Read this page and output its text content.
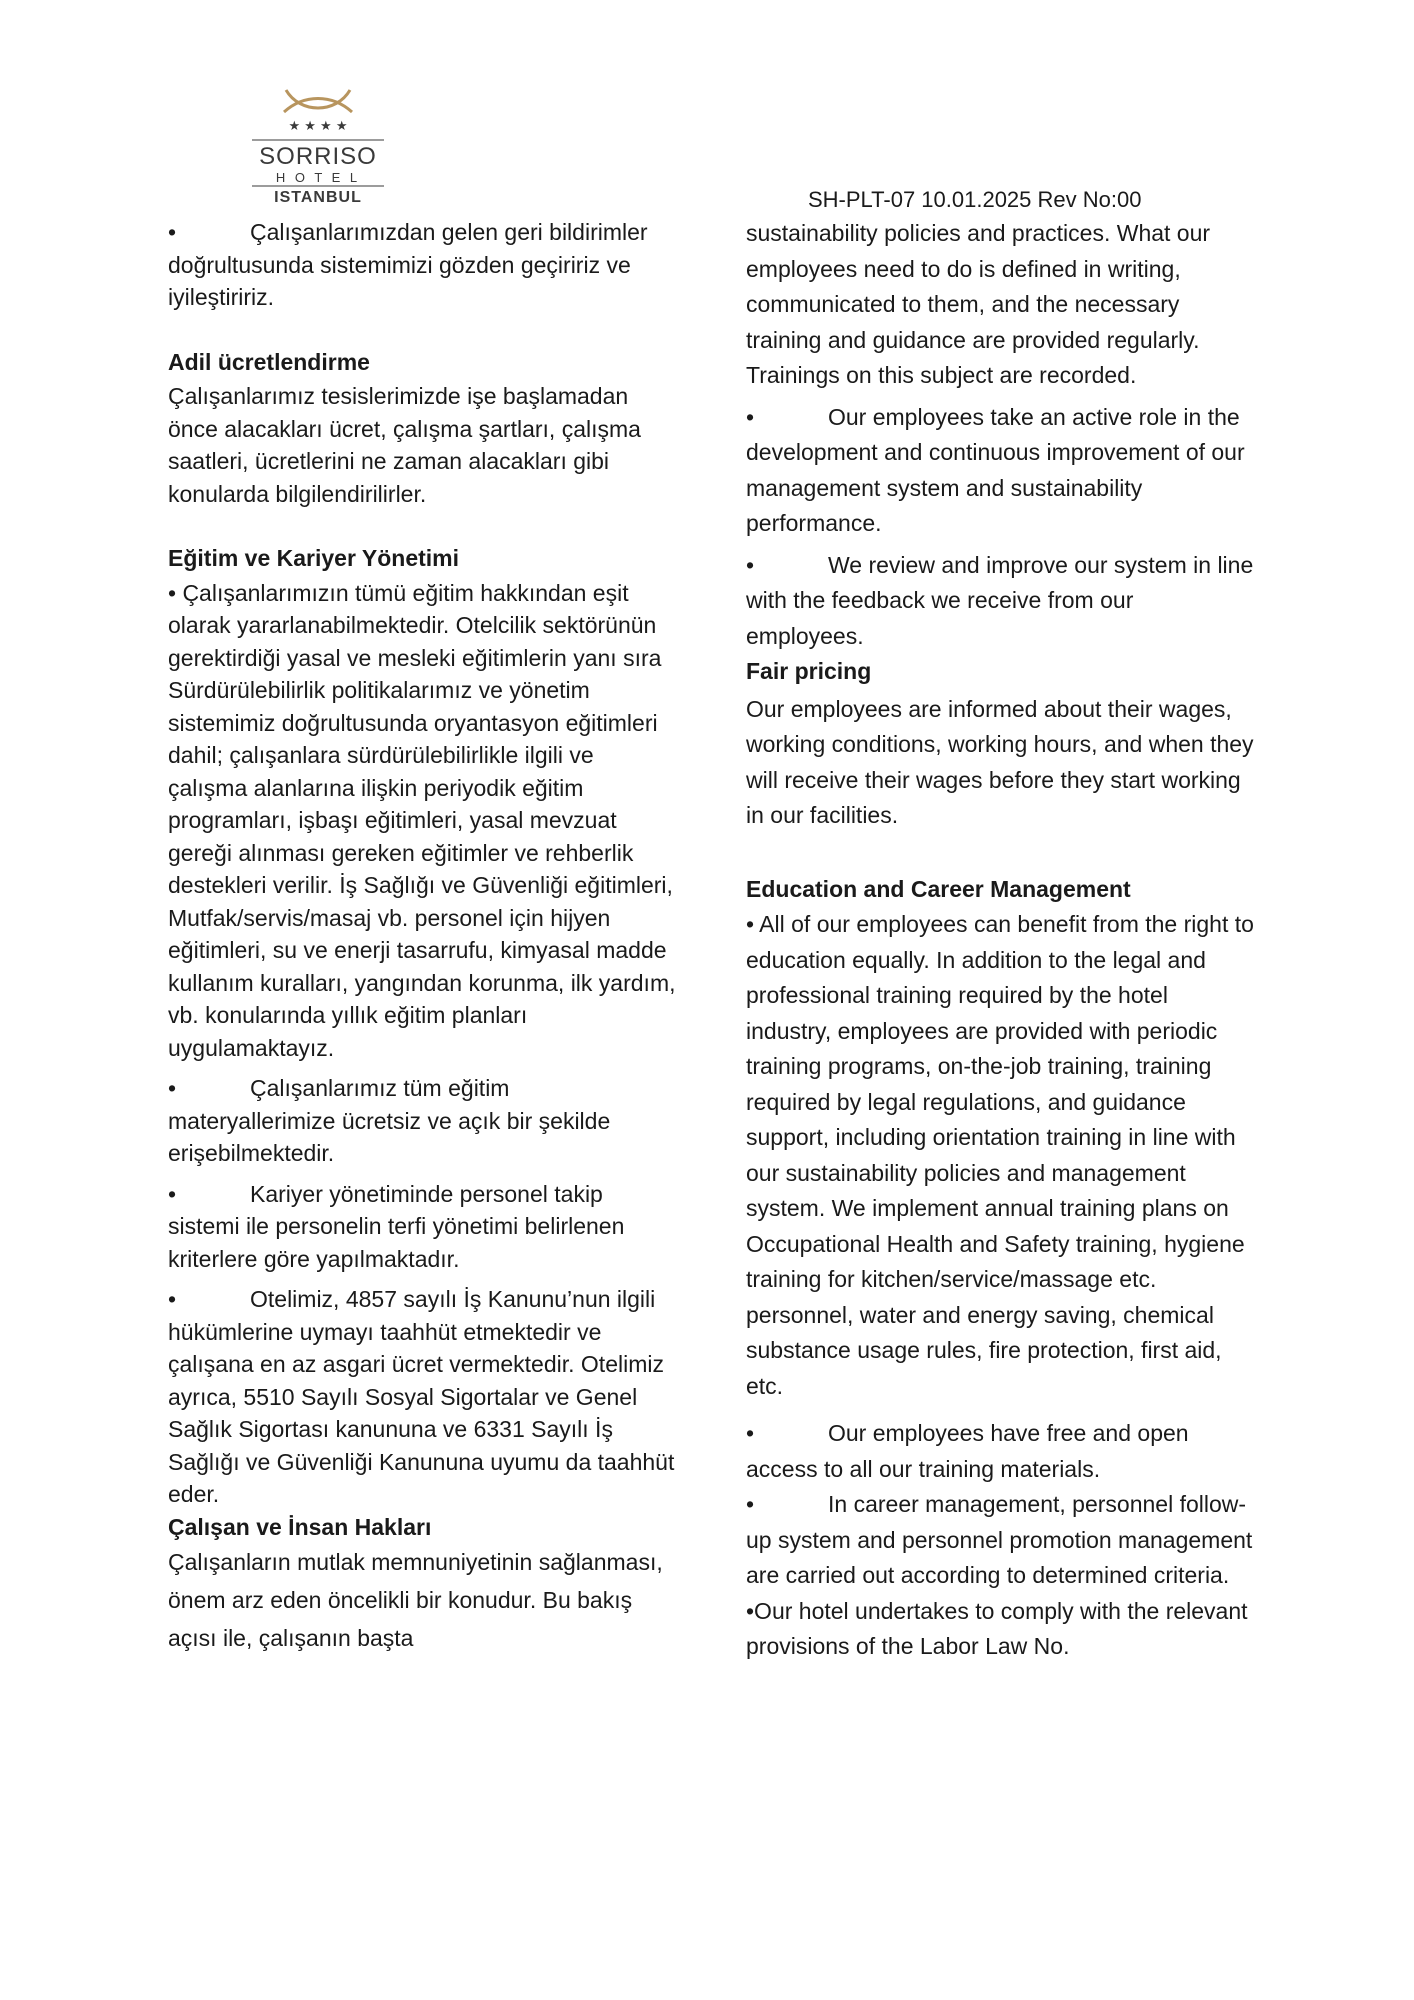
★ ★ ★ ★
SORRISO
H O T E L
ISTANBUL	SH-PLT-07 10.01.2025 Rev No:00

•	Çalışanlarımızdan gelen geri bildirimler doğrultusunda sistemimizi gözden geçiririz ve iyileştiririz.

Adil ücretlendirme

Çalışanlarımız tesislerimizde işe başlamadan önce alacakları ücret, çalışma şartları, çalışma saatleri, ücretlerini ne zaman alacakları gibi konularda bilgilendirilirler.

Eğitim ve Kariyer Yönetimi

• Çalışanlarımızın tümü eğitim hakkından eşit olarak yararlanabilmektedir. Otelcilik sektörünün gerektirdiği yasal ve mesleki eğitimlerin yanı sıra Sürdürülebilirlik politikalarımız ve yönetim sistemimiz doğrultusunda oryantasyon eğitimleri dahil; çalışanlara sürdürülebilirlikle ilgili ve çalışma alanlarına ilişkin periyodik eğitim programları, işbaşı eğitimleri, yasal mevzuat gereği alınması gereken eğitimler ve rehberlik destekleri verilir. İş Sağlığı ve Güvenliği eğitimleri, Mutfak/servis/masaj vb. personel için hijyen eğitimleri, su ve enerji tasarrufu, kimyasal madde kullanım kuralları, yangından korunma, ilk yardım, vb. konularında yıllık eğitim planları uygulamaktayız.

•	Çalışanlarımız tüm eğitim materyallerimize ücretsiz ve açık bir şekilde erişebilmektedir.

•	Kariyer yönetiminde personel takip sistemi ile personelin terfi yönetimi belirlenen kriterlere göre yapılmaktadır.

•	Otelimiz, 4857 sayılı İş Kanunu’nun ilgili hükümlerine uymayı taahhüt etmektedir ve çalışana en az asgari ücret vermektedir. Otelimiz ayrıca, 5510 Sayılı Sosyal Sigortalar ve Genel Sağlık Sigortası kanununa ve 6331 Sayılı İş Sağlığı ve Güvenliği Kanununa uyumu da taahhüt eder.

Çalışan ve İnsan Hakları

Çalışanların mutlak memnuniyetinin sağlanması, önem arz eden öncelikli bir konudur. Bu bakış açısı ile, çalışanın başta

sustainability policies and practices. What our employees need to do is defined in writing, communicated to them, and the necessary training and guidance are provided regularly. Trainings on this subject are recorded.

•	Our employees take an active role in the development and continuous improvement of our management system and sustainability performance.

•	We review and improve our system in line with the feedback we receive from our employees.

Fair pricing

Our employees are informed about their wages, working conditions, working hours, and when they will receive their wages before they start working in our facilities.

Education and Career Management

• All of our employees can benefit from the right to education equally. In addition to the legal and professional training required by the hotel industry, employees are provided with periodic training programs, on-the-job training, training required by legal regulations, and guidance support, including orientation training in line with our sustainability policies and management system. We implement annual training plans on Occupational Health and Safety training, hygiene training for kitchen/service/massage etc. personnel, water and energy saving, chemical substance usage rules, fire protection, first aid, etc.

•	Our employees have free and open access to all our training materials.

•	In career management, personnel follow-up system and personnel promotion management are carried out according to determined criteria.

•Our hotel undertakes to comply with the relevant provisions of the Labor Law No.
